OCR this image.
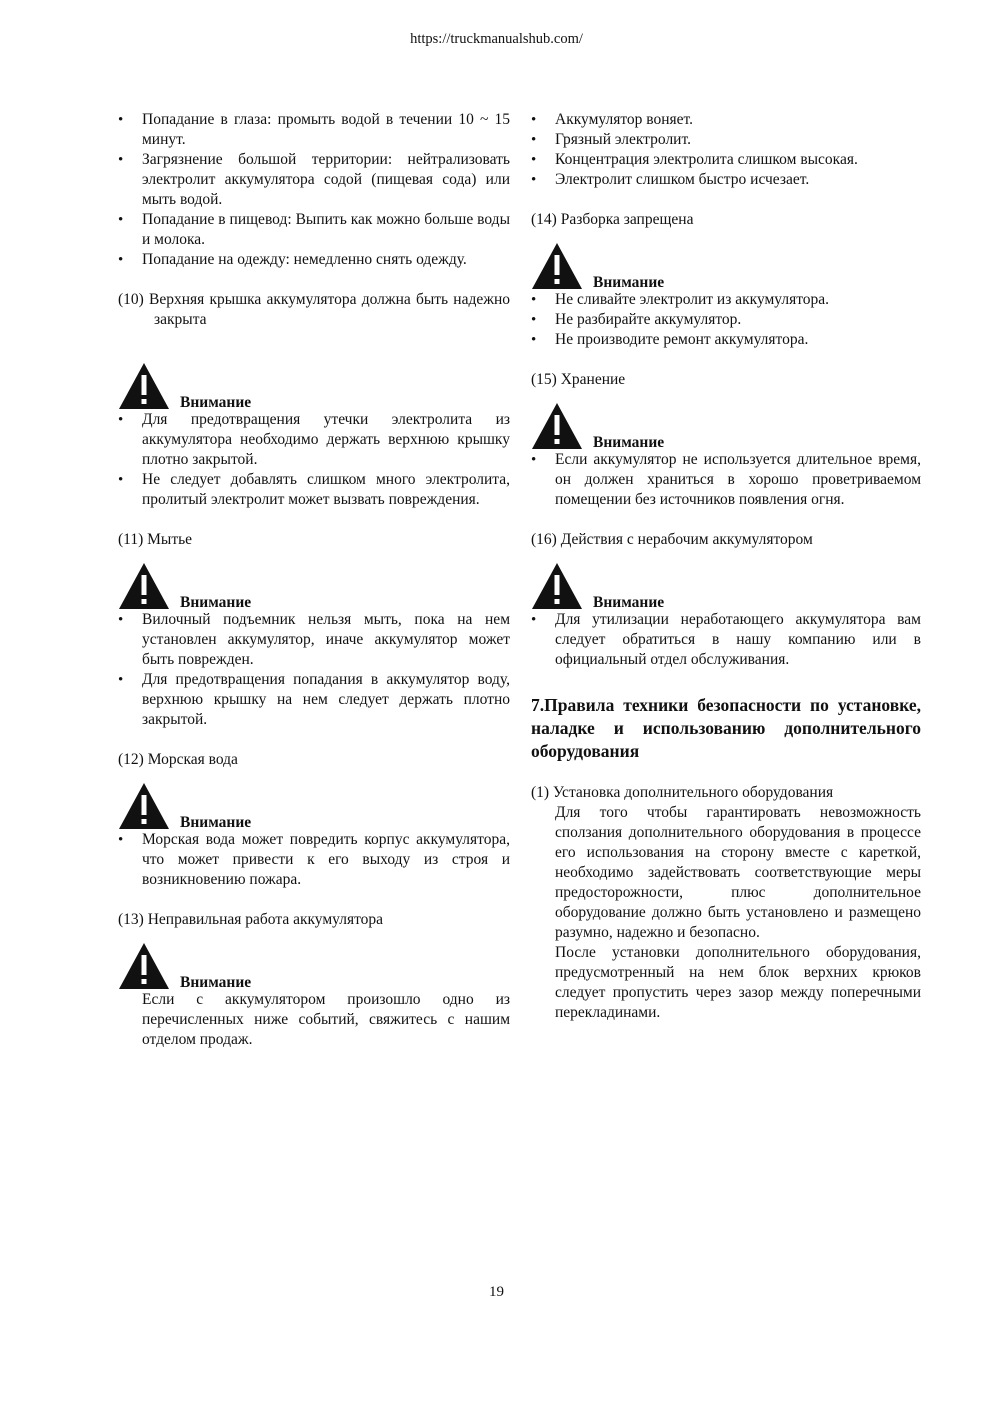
https://truckmanualshub.com/
• Попадание в глаза: промыть водой в течении 10 ~ 15 минут.
• Загрязнение большой территории: нейтрализовать электролит аккумулятора содой (пищевая сода) или мыть водой.
• Попадание в пищевод: Выпить как можно больше воды и молока.
• Попадание на одежду: немедленно снять одежду.

(10) Верхняя крышка аккумулятора должна быть надежно закрыта

Внимание
• Для предотвращения утечки электролита из аккумулятора необходимо держать верхнюю крышку плотно закрытой.
• Не следует добавлять слишком много электролита, пролитый электролит может вызвать повреждения.

(11) Мытье

Внимание
• Вилочный подъемник нельзя мыть, пока на нем установлен аккумулятор, иначе аккумулятор может быть поврежден.
• Для предотвращения попадания в аккумулятор воду, верхнюю крышку на нем следует держать плотно закрытой.

(12) Морская вода

Внимание
• Морская вода может повредить корпус аккумулятора, что может привести к его выходу из строя и возникновению пожара.

(13) Неправильная работа аккумулятора

Внимание

Если с аккумулятором произошло одно из перечисленных ниже событий, свяжитесь с нашим отделом продаж.

• Аккумулятор воняет.
• Грязный электролит.
• Концентрация электролита слишком высокая.
• Электролит слишком быстро исчезает.

(14) Разборка запрещена

Внимание
• Не сливайте электролит из аккумулятора.
• Не разбирайте аккумулятор.
• Не производите ремонт аккумулятора.

(15) Хранение

Внимание
• Если аккумулятор не используется длительное время, он должен храниться в хорошо проветриваемом помещении без источников появления огня.

(16) Действия с нерабочим аккумулятором

Внимание
• Для утилизации неработающего аккумулятора вам следует обратиться в нашу компанию или в официальный отдел обслуживания.

7.Правила техники безопасности по установке, наладке и использованию дополнительного оборудования

(1) Установка дополнительного оборудования

Для того чтобы гарантировать невозможность сползания дополнительного оборудования в процессе его использования на сторону вместе с кареткой, необходимо задействовать соответствующие меры предосторожности, плюс дополнительное оборудование должно быть установлено и размещено разумно, надежно и безопасно.

После установки дополнительного оборудования, предусмотренный на нем блок верхних крюков следует пропустить через зазор между поперечными перекладинами.

19
